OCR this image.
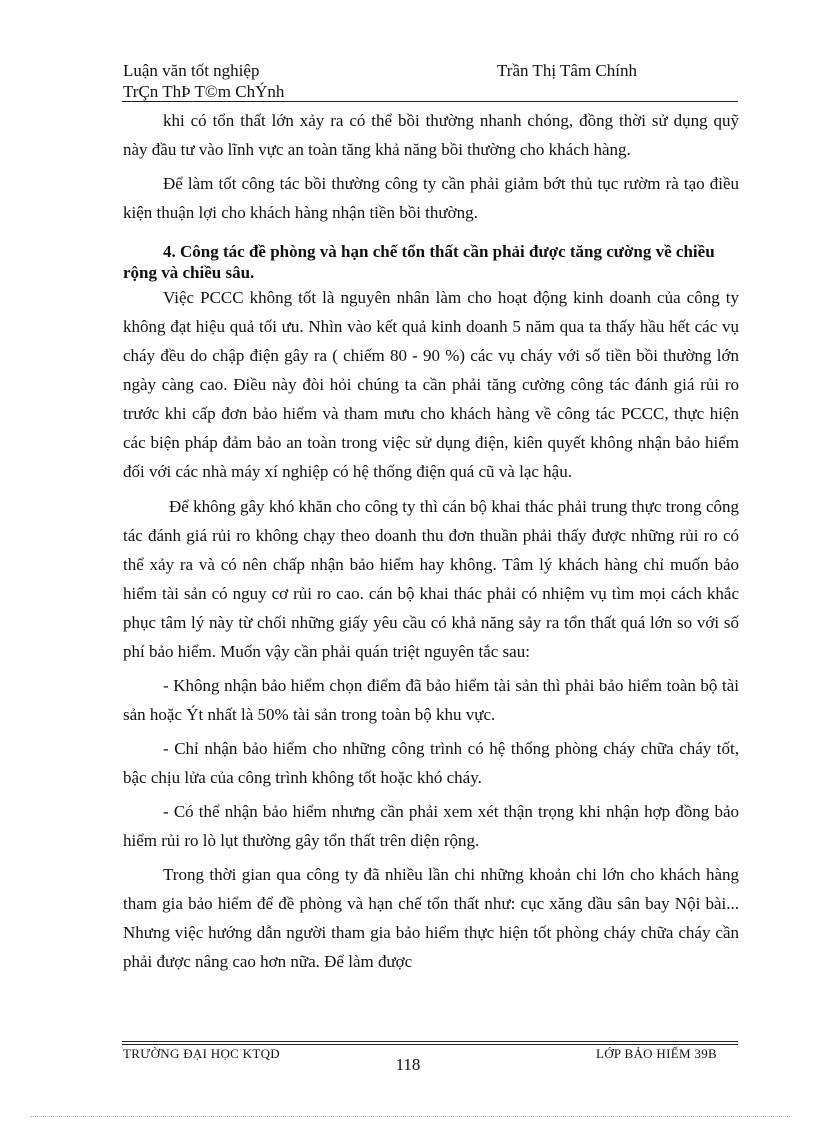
Luận văn tốt nghiệp	Trần Thị Tâm Chính
TrÇn ThÞ T©m ChÝnh

khi có tổn thất lớn xảy ra có thể bồi thường nhanh chóng, đồng thời sử dụng quỹ này đầu tư vào lĩnh vực an toàn tăng khả năng bồi thường cho khách hàng.

Để làm tốt công tác bồi thường công ty cần phải giảm bớt thủ tục rườm rà tạo điều kiện thuận lợi cho khách hàng nhận tiền bồi thường.

4. Công tác đề phòng và hạn chế tổn thất cần phải được tăng cường về chiều rộng và chiều sâu.

Việc PCCC không tốt là nguyên nhân làm cho hoạt động kinh doanh của công ty không đạt hiệu quả tối ưu. Nhìn vào kết quả kinh doanh 5 năm qua ta thấy hầu hết các vụ cháy đều do chập điện gây ra ( chiếm 80 - 90 %) các vụ cháy với số tiền bồi thường lớn ngày càng cao. Điều này đòi hỏi chúng ta cần phải tăng cường công tác đánh giá rủi ro trước khi cấp đơn bảo hiểm và tham mưu cho khách hàng về công tác PCCC, thực hiện các biện pháp đảm bảo an toàn trong việc sử dụng điện, kiên quyết không nhận bảo hiểm đối với các nhà máy xí nghiệp có hệ thống điện quá cũ và lạc hậu.

Để không gây khó khăn cho công ty thì cán bộ khai thác phải trung thực trong công tác đánh giá rủi ro không chạy theo doanh thu đơn thuần phải thấy được những rủi ro có thể xảy ra và có nên chấp nhận bảo hiểm hay không. Tâm lý khách hàng chỉ muốn bảo hiểm tài sản có nguy cơ rủi ro cao. cán bộ khai thác phải có nhiệm vụ tìm mọi cách khắc phục tâm lý này từ chối những giấy yêu cầu có khả năng sảy ra tổn thất quá lớn so với số phí bảo hiểm. Muốn vậy cần phải quán triệt nguyên tắc sau:

- Không nhận bảo hiểm chọn điểm đã bảo hiểm tài sản thì phải bảo hiểm toàn bộ tài sản hoặc Ýt nhất là 50% tài sản trong toàn bộ khu vực.

- Chỉ nhận bảo hiểm cho những công trình có hệ thống phòng cháy chữa cháy tốt, bậc chịu lửa của công trình không tốt hoặc khó cháy.

- Có thể nhận bảo hiểm nhưng cần phải xem xét thận trọng khi nhận hợp đồng bảo hiểm rủi ro lò lụt thường gây tổn thất trên diện rộng.

Trong thời gian qua công ty đã nhiều lần chi những khoản chi lớn cho khách hàng tham gia bảo hiểm để đề phòng và hạn chế tổn thất như: cục xăng dầu sân bay Nội bài... Nhưng việc hướng dẫn người tham gia bảo hiểm thực hiện tốt phòng cháy chữa cháy cần phải được nâng cao hơn nữa. Để làm được

TRƯỜNG ĐẠI HỌC KTQD	LỚP BẢO HIỂM 39B
118
